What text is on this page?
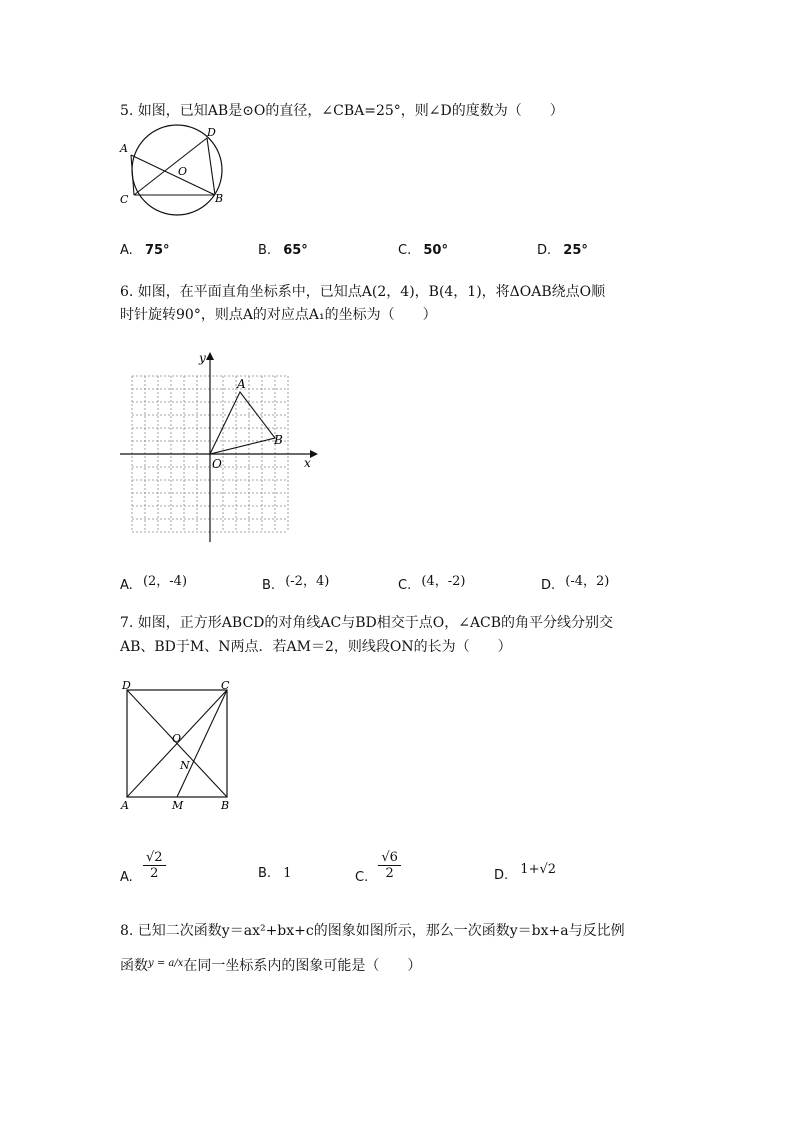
5. 如图，已知AB是⊙O的直径，∠CBA=25°，则∠D的度数为（　　）
A
C
D
B
O
A. 75°	B. 65°	C. 50°	D. 25°
6. 如图，在平面直角坐标系中，已知点A(2，4)，B(4，1)，将ΔOAB绕点O顺
时针旋转90°，则点A的对应点A₁的坐标为（　　）
y
x
A
B
O
A. (2，-4)	B. (-2，4)	C. (4，-2)	D. (-4，2)
7. 如图，正方形ABCD的对角线AC与BD相交于点O，∠ACB的角平分线分别交
AB、BD于M、N两点．若AM＝2，则线段ON的长为（　　）
D	C
A	M	B
O
N
A. $\frac{√2}{2}$	B. 1	C. $\frac{√6}{2}$	D. 1+√2
8. 已知二次函数y＝ax²+bx+c的图象如图所示，那么一次函数y＝bx+a与反比例
函数$^{y = a/x}$在同一坐标系内的图象可能是（　　）
